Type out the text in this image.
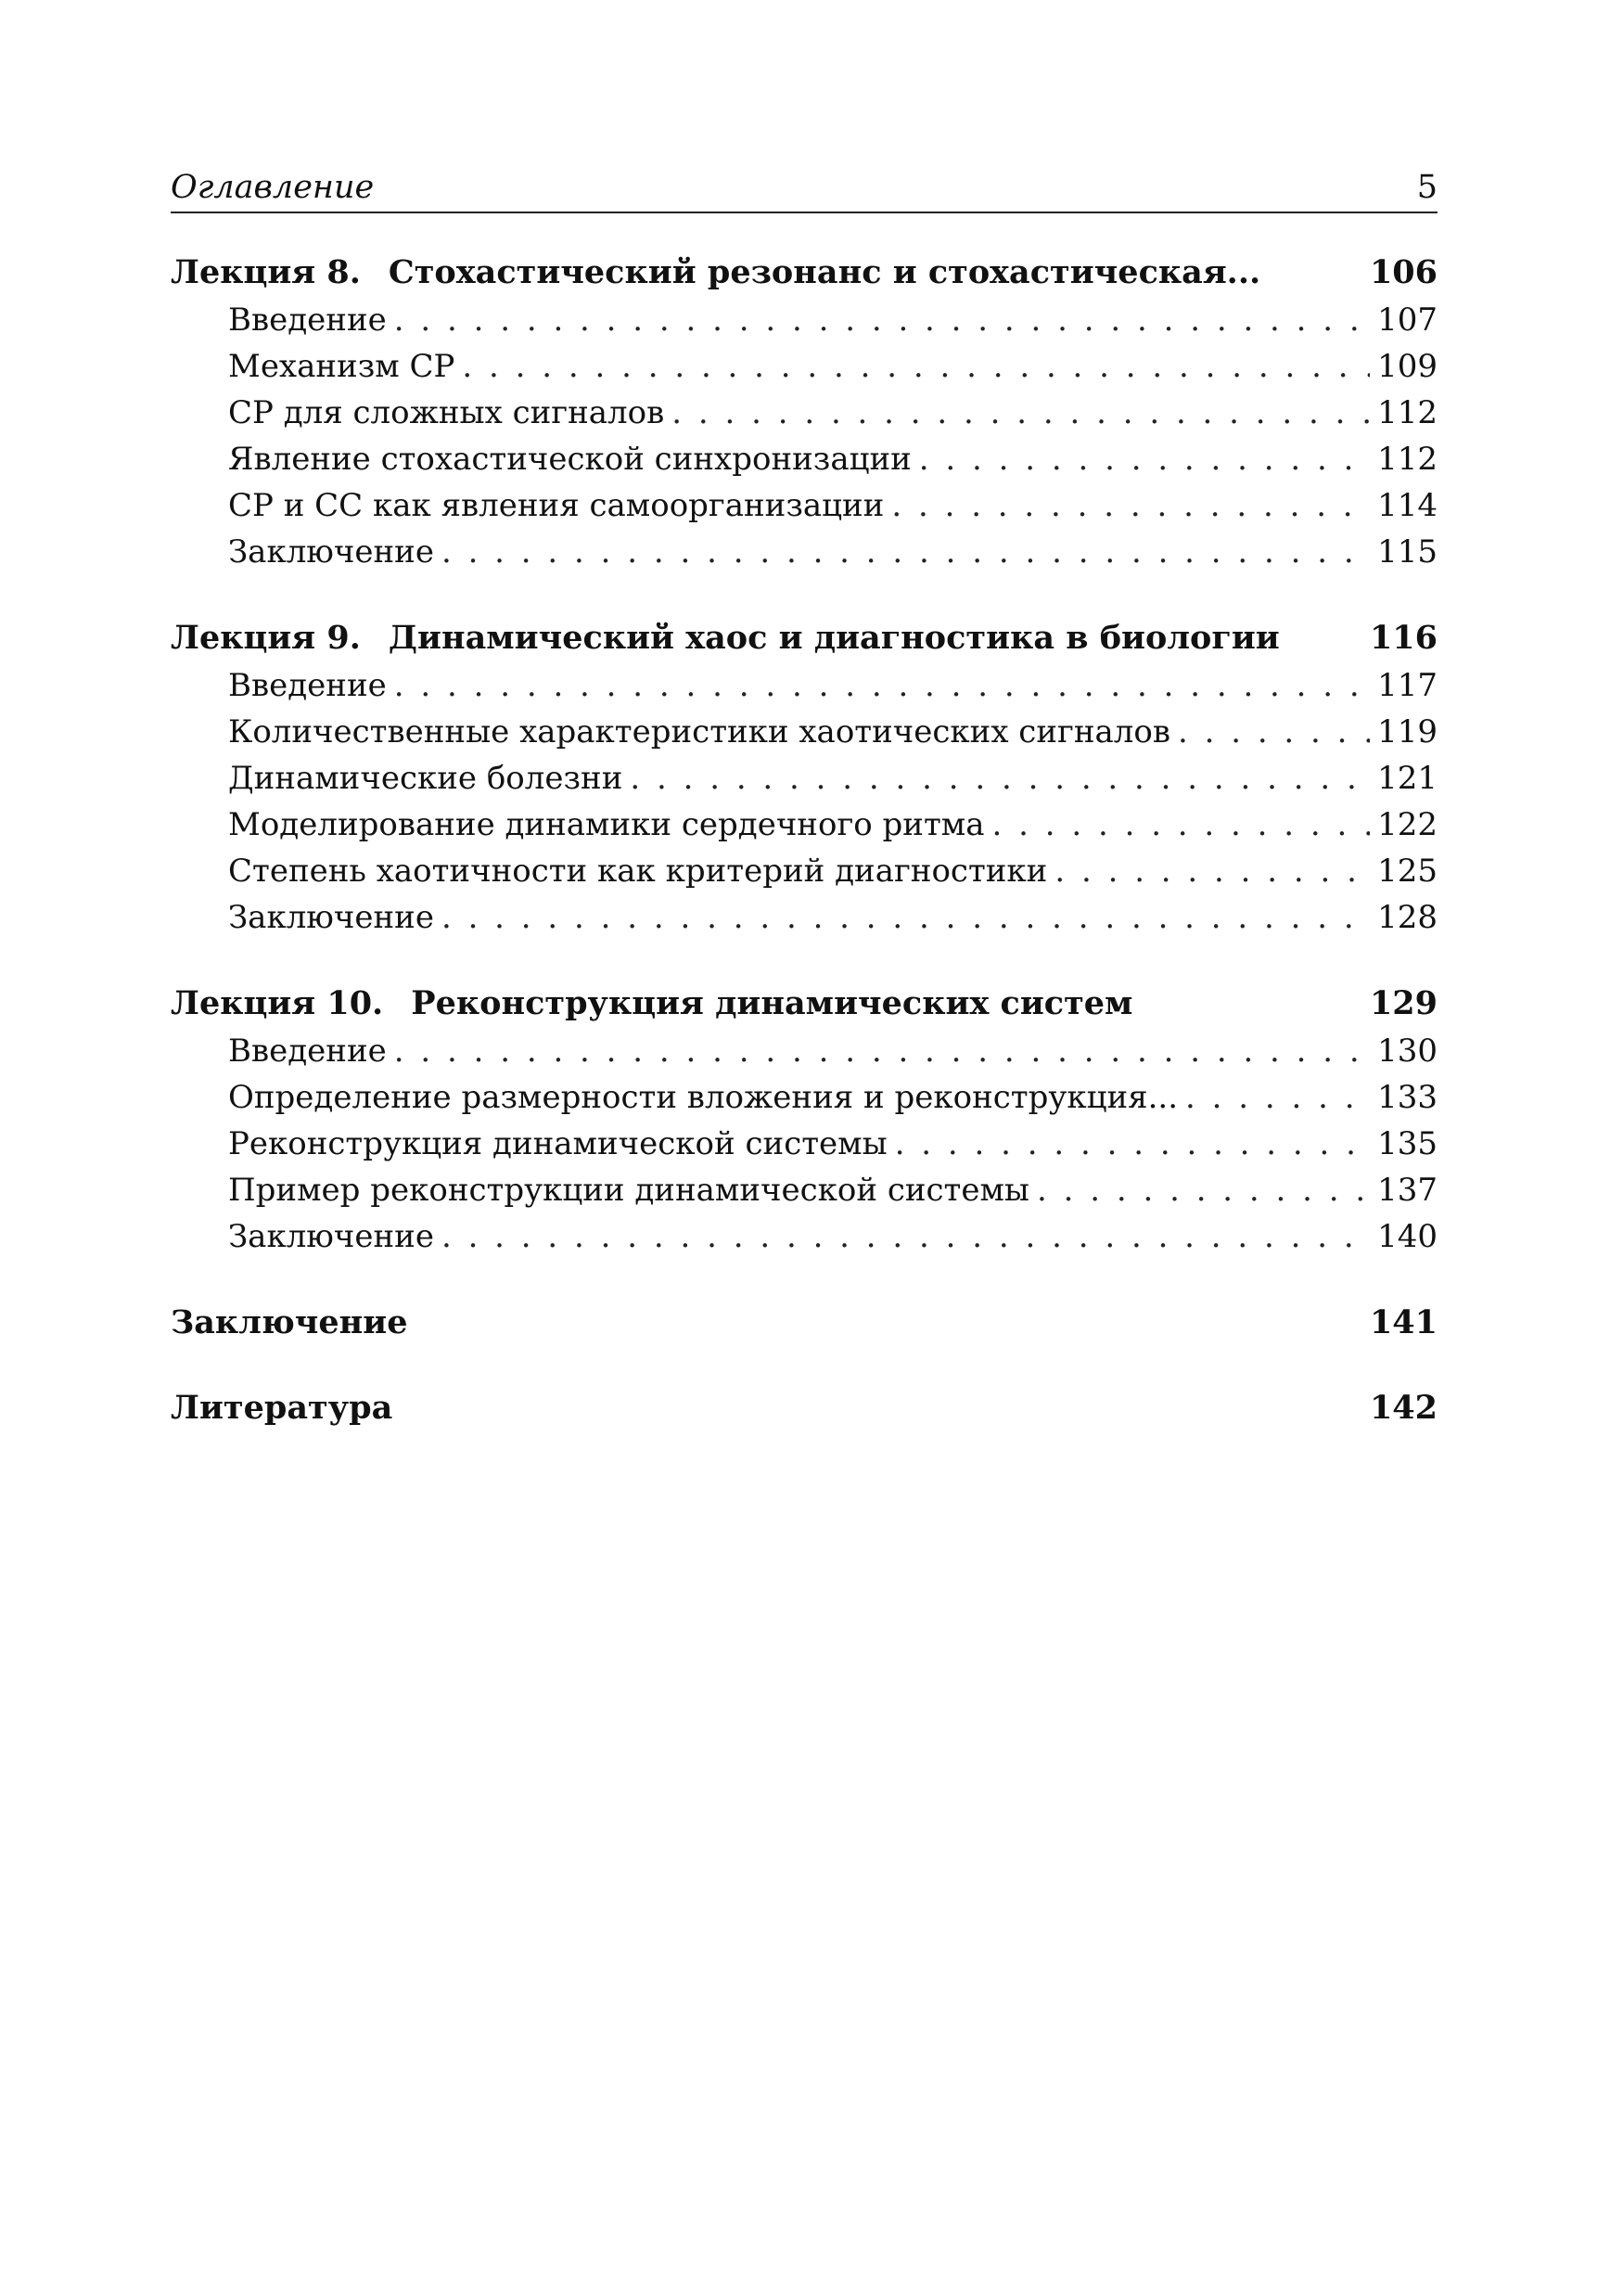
Оглавление	5
Лекция 8. Стохастический резонанс и стохастическая...	106
Введение . . .	107
Механизм СР . . .	109
СР для сложных сигналов . . .	112
Явление стохастической синхронизации . . .	112
СР и СС как явления самоорганизации . . .	114
Заключение . . .	115
Лекция 9. Динамический хаос и диагностика в биологии	116
Введение . . .	117
Количественные характеристики хаотических сигналов . . .	119
Динамические болезни . . .	121
Моделирование динамики сердечного ритма . . .	122
Степень хаотичности как критерий диагностики . . .	125
Заключение . . .	128
Лекция 10. Реконструкция динамических систем	129
Введение . . .	130
Определение размерности вложения и реконструкция... . . .	133
Реконструкция динамической системы . . .	135
Пример реконструкции динамической системы . . .	137
Заключение . . .	140
Заключение	141
Литература	142
